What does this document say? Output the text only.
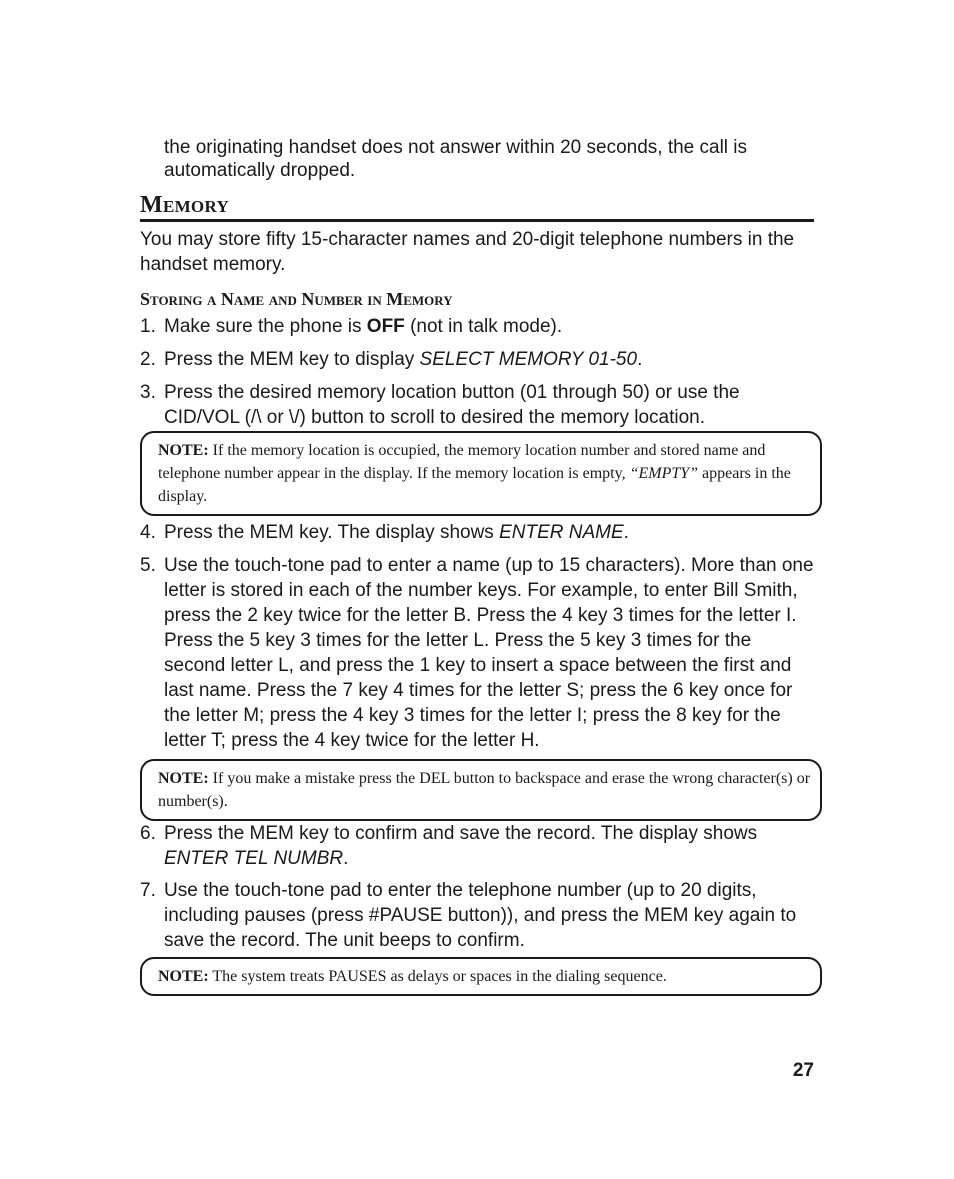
the originating handset does not answer within 20 seconds, the call is automatically dropped.
Memory
You may store fifty 15-character names and 20-digit telephone numbers in the handset memory.
Storing a Name and Number in Memory
1. Make sure the phone is OFF (not in talk mode).
2. Press the MEM key to display SELECT MEMORY 01-50.
3. Press the desired memory location button (01 through 50) or use the CID/VOL (/\ or \/) button to scroll to desired the memory location.
NOTE: If the memory location is occupied, the memory location number and stored name and telephone number appear in the display. If the memory location is empty, “EMPTY” appears in the display.
4. Press the MEM key. The display shows ENTER NAME.
5. Use the touch-tone pad to enter a name (up to 15 characters). More than one letter is stored in each of the number keys. For example, to enter Bill Smith, press the 2 key twice for the letter B. Press the 4 key 3 times for the letter I. Press the 5 key 3 times for the letter L. Press the 5 key 3 times for the second letter L, and press the 1 key to insert a space between the first and last name. Press the 7 key 4 times for the letter S; press the 6 key once for the letter M; press the 4 key 3 times for the letter I; press the 8 key for the letter T; press the 4 key twice for the letter H.
NOTE: If you make a mistake press the DEL button to backspace and erase the wrong character(s) or number(s).
6. Press the MEM key to confirm and save the record. The display shows ENTER TEL NUMBR.
7. Use the touch-tone pad to enter the telephone number (up to 20 digits, including pauses (press #PAUSE button)), and press the MEM key again to save the record. The unit beeps to confirm.
NOTE: The system treats PAUSES as delays or spaces in the dialing sequence.
27
